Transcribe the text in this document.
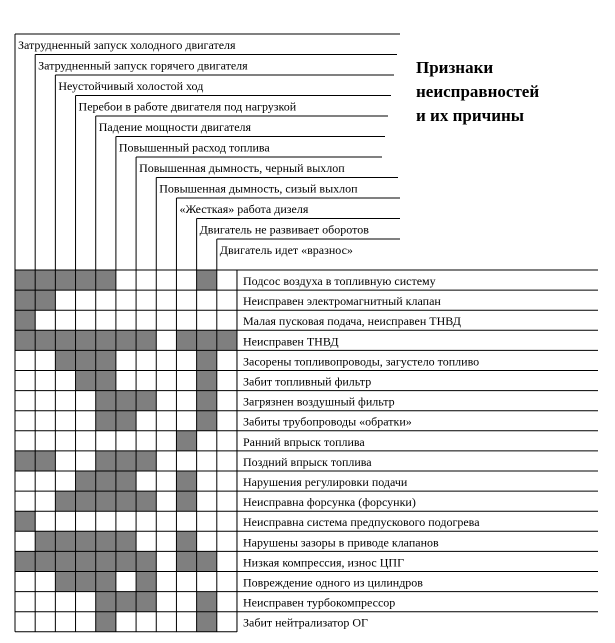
Признаки
неисправностей
и их причины
Затрудненный запуск холодного двигателя
Затрудненный запуск горячего двигателя
Неустойчивый холостой ход
Перебои в работе двигателя под нагрузкой
Падение мощности двигателя
Повышенный расход топлива
Повышенная дымность, черный выхлоп
Повышенная дымность, сизый выхлоп
«Жесткая» работа дизеля
Двигатель не развивает оборотов
Двигатель идет «вразнос»
Подсос воздуха в топливную систему
Неисправен электромагнитный клапан
Малая пусковая подача, неисправен ТНВД
Неисправен ТНВД
Засорены топливопроводы, загустело топливо
Забит топливный фильтр
Загрязнен воздушный фильтр
Забиты трубопроводы «обратки»
Ранний впрыск топлива
Поздний впрыск топлива
Нарушения регулировки подачи
Неисправна форсунка (форсунки)
Неисправна система предпускового подогрева
Нарушены зазоры в приводе клапанов
Низкая компрессия, износ ЦПГ
Повреждение одного из цилиндров
Неисправен турбокомпрессор
Забит нейтрализатор ОГ
